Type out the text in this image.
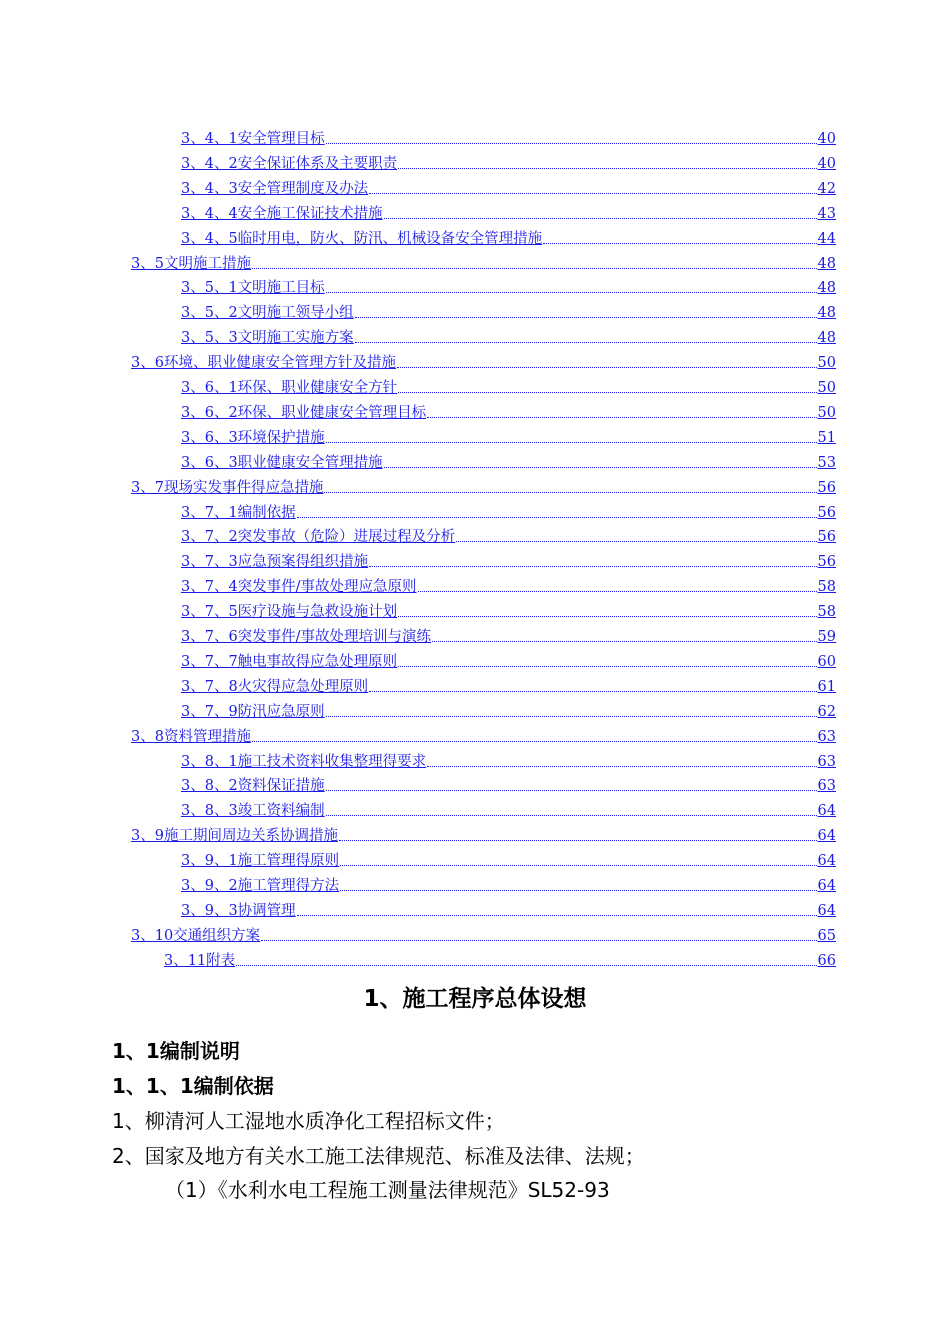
3、4、1安全管理目标	40
3、4、2安全保证体系及主要职责	40
3、4、3安全管理制度及办法	42
3、4、4安全施工保证技术措施	43
3、4、5临时用电，防火、防汛、机械设备安全管理措施	44
3、5文明施工措施	48
3、5、1文明施工目标	48
3、5、2文明施工领导小组	48
3、5、3文明施工实施方案	48
3、6环境、职业健康安全管理方针及措施	50
3、6、1环保、职业健康安全方针	50
3、6、2环保、职业健康安全管理目标	50
3、6、3环境保护措施	51
3、6、3职业健康安全管理措施	53
3、7现场实发事件得应急措施	56
3、7、1编制依据	56
3、7、2突发事故（危险）进展过程及分析	56
3、7、3应急预案得组织措施	56
3、7、4突发事件/事故处理应急原则	58
3、7、5医疗设施与急救设施计划	58
3、7、6突发事件/事故处理培训与演练	59
3、7、7触电事故得应急处理原则	60
3、7、8火灾得应急处理原则	61
3、7、9防汛应急原则	62
3、8资料管理措施	63
3、8、1施工技术资料收集整理得要求	63
3、8、2资料保证措施	63
3、8、3竣工资料编制	64
3、9施工期间周边关系协调措施	64
3、9、1施工管理得原则	64
3、9、2施工管理得方法	64
3、9、3协调管理	64
3、10交通组织方案	65
3、11附表	66
1、施工程序总体设想
1、1编制说明
1、1、1编制依据
1、柳清河人工湿地水质净化工程招标文件；
2、国家及地方有关水工施工法律规范、标准及法律、法规；
（1）《水利水电工程施工测量法律规范》SL52-93
